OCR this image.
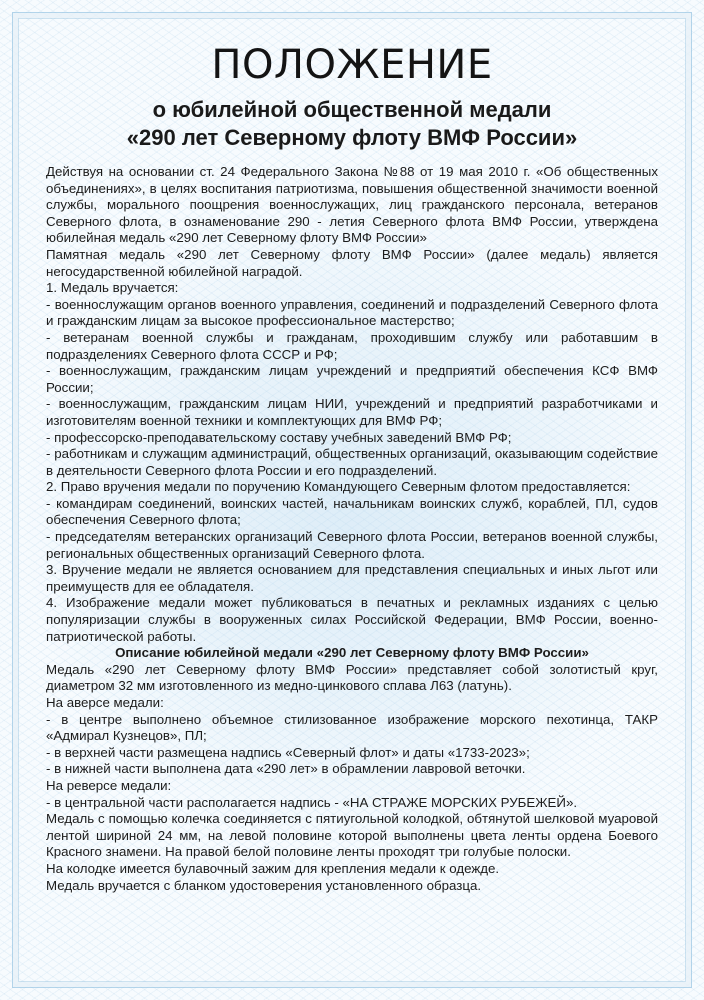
ПОЛОЖЕНИЕ
о юбилейной общественной медали
«290 лет Северному флоту ВМФ России»

Действуя на основании ст. 24 Федерального Закона №88 от 19 мая 2010 г. «Об общественных объединениях», в целях воспитания патриотизма, повышения общественной значимости военной службы, морального поощрения военнослужащих, лиц гражданского персонала, ветеранов Северного флота, в ознаменование 290 - летия Северного флота ВМФ России, утверждена юбилейная медаль «290 лет Северному флоту ВМФ России»

Памятная медаль «290 лет Северному флоту ВМФ России» (далее медаль) является негосударственной юбилейной наградой.

1. Медаль вручается:

- военнослужащим органов военного управления, соединений и подразделений Северного флота и гражданским лицам за высокое профессиональное мастерство;

- ветеранам военной службы и гражданам, проходившим службу или работавшим в подразделениях Северного флота СССР и РФ;

- военнослужащим, гражданским лицам учреждений и предприятий обеспечения КСФ ВМФ России;

- военнослужащим, гражданским лицам НИИ, учреждений и предприятий разработчиками и изготовителям военной техники и комплектующих для ВМФ РФ;

- профессорско-преподавательскому составу учебных заведений ВМФ РФ;

- работникам и служащим администраций, общественных организаций, оказывающим содействие в деятельности Северного флота России и его подразделений.

2. Право вручения медали по поручению Командующего Северным флотом предоставляется:

- командирам соединений, воинских частей, начальникам воинских служб, кораблей, ПЛ, судов обеспечения Северного флота;

- председателям ветеранских организаций Северного флота России, ветеранов военной службы, региональных общественных организаций Северного флота.

3. Вручение медали не является основанием для представления специальных и иных льгот или преимуществ для ее обладателя.

4. Изображение медали может публиковаться в печатных и рекламных изданиях с целью популяризации службы в вооруженных силах Российской Федерации, ВМФ России, военно-патриотической работы.

Описание юбилейной медали «290 лет Северному флоту ВМФ России»

Медаль «290 лет Северному флоту ВМФ России» представляет собой золотистый круг, диаметром 32 мм изготовленного из медно-цинкового сплава Л63 (латунь).

На аверсе медали:

- в центре выполнено объемное стилизованное изображение морского пехотинца, ТАКР «Адмирал Кузнецов», ПЛ;

- в верхней части размещена надпись «Северный флот» и даты «1733-2023»;

- в нижней части выполнена дата «290 лет» в обрамлении лавровой веточки.

На реверсе медали:

- в центральной части располагается надпись - «НА СТРАЖЕ МОРСКИХ РУБЕЖЕЙ».

Медаль с помощью колечка соединяется с пятиугольной колодкой, обтянутой шелковой муаровой лентой шириной 24 мм, на левой половине которой выполнены цвета ленты ордена Боевого Красного знамени. На правой белой половине ленты проходят три голубые полоски.

На колодке имеется булавочный зажим для крепления медали к одежде.

Медаль вручается с бланком удостоверения установленного образца.
